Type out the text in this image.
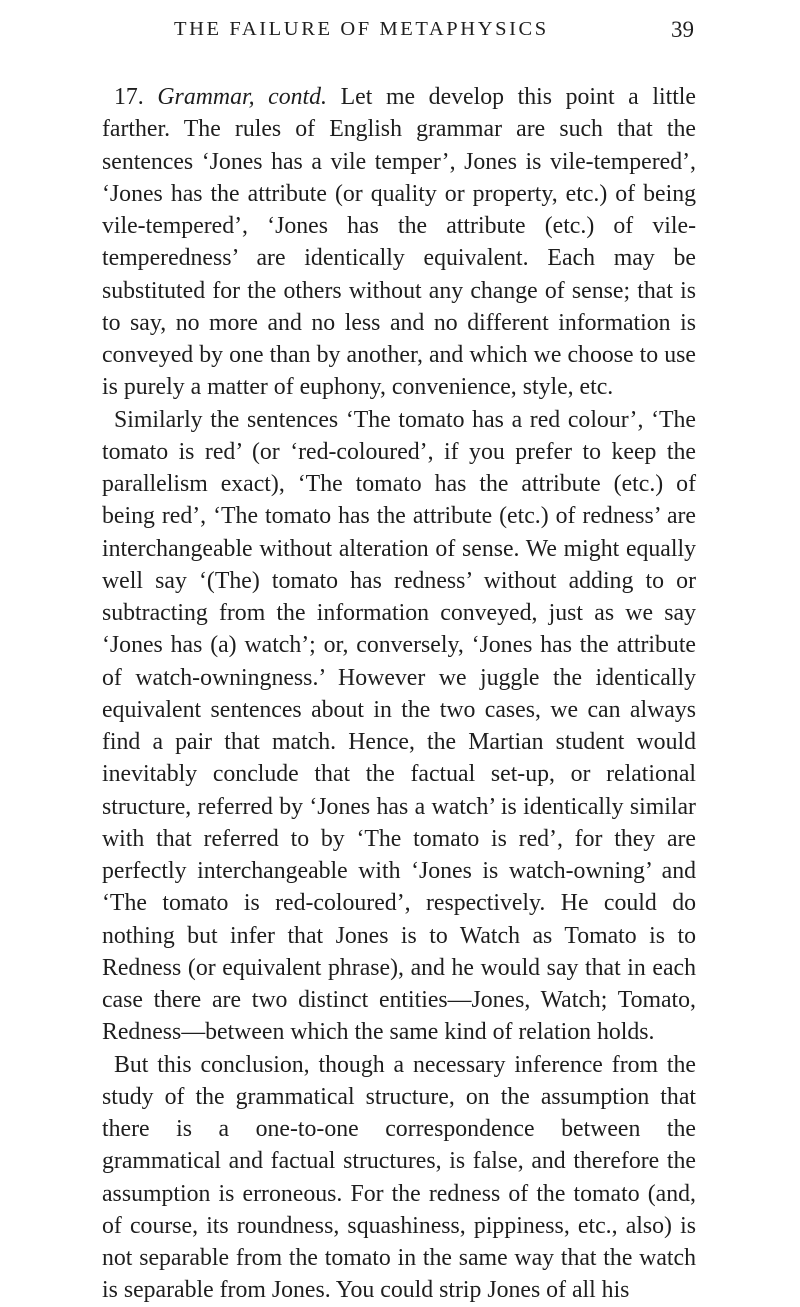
THE FAILURE OF METAPHYSICS	39

17. Grammar, contd. Let me develop this point a little farther. The rules of English grammar are such that the sentences ‘Jones has a vile temper’, Jones is vile-tempered’, ‘Jones has the attribute (or quality or property, etc.) of being vile-tempered’, ‘Jones has the attribute (etc.) of vile-temperedness’ are identically equivalent. Each may be substituted for the others without any change of sense; that is to say, no more and no less and no different information is conveyed by one than by another, and which we choose to use is purely a matter of euphony, convenience, style, etc.

Similarly the sentences ‘The tomato has a red colour’, ‘The tomato is red’ (or ‘red-coloured’, if you prefer to keep the parallelism exact), ‘The tomato has the attribute (etc.) of being red’, ‘The tomato has the attribute (etc.) of redness’ are interchangeable without alteration of sense. We might equally well say ‘(The) tomato has redness’ without adding to or subtracting from the information conveyed, just as we say ‘Jones has (a) watch’; or, conversely, ‘Jones has the attribute of watch-owningness.’ However we juggle the identically equivalent sentences about in the two cases, we can always find a pair that match. Hence, the Martian student would inevitably conclude that the factual set-up, or relational structure, referred by ‘Jones has a watch’ is identically similar with that referred to by ‘The tomato is red’, for they are perfectly interchangeable with ‘Jones is watch-owning’ and ‘The tomato is red-coloured’, respectively. He could do nothing but infer that Jones is to Watch as Tomato is to Redness (or equivalent phrase), and he would say that in each case there are two distinct entities—Jones, Watch; Tomato, Redness—between which the same kind of relation holds.

But this conclusion, though a necessary inference from the study of the grammatical structure, on the assumption that there is a one-to-one correspondence between the grammatical and factual structures, is false, and therefore the assumption is erroneous. For the redness of the tomato (and, of course, its roundness, squashiness, pippiness, etc., also) is not separable from the tomato in the same way that the watch is separable from Jones. You could strip Jones of all his
